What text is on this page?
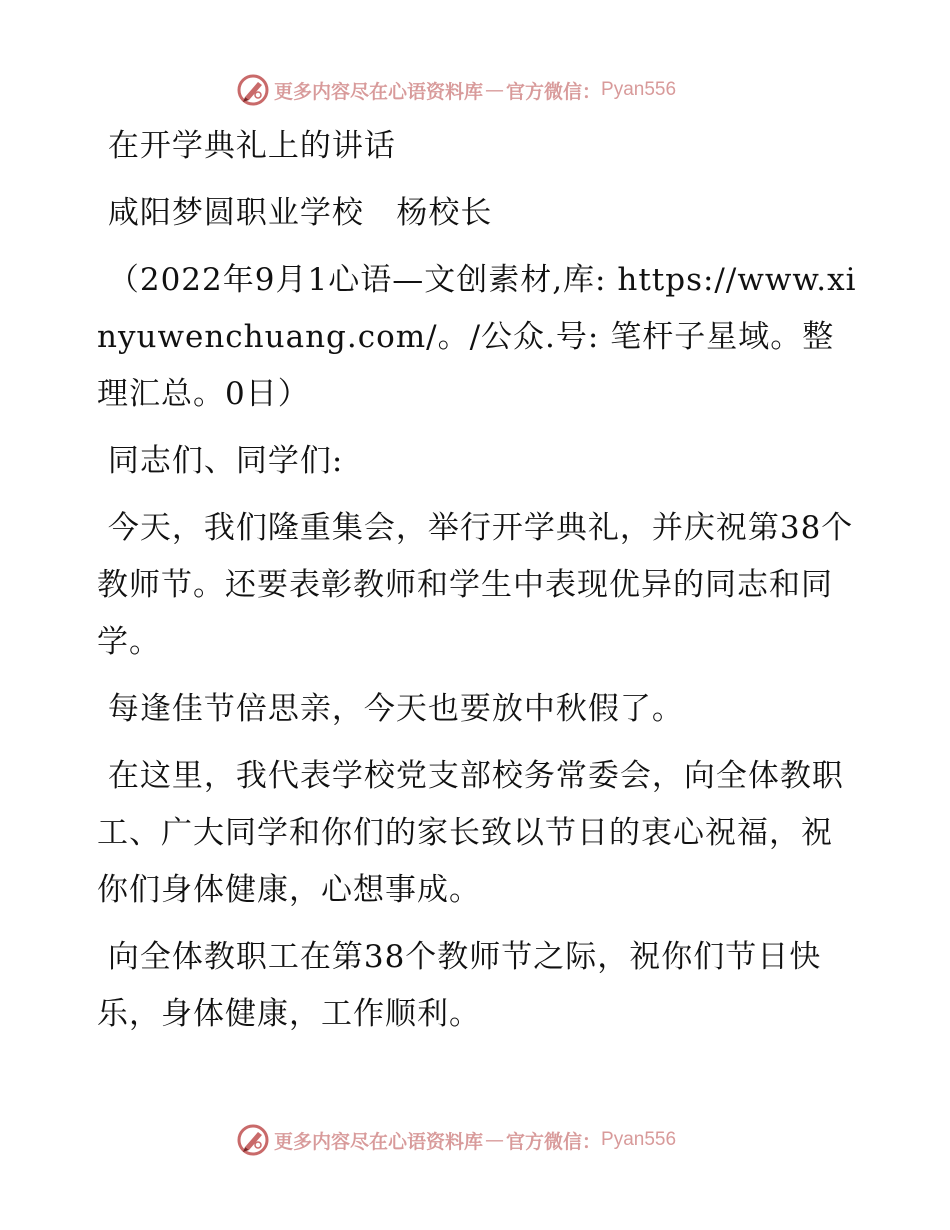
更多内容尽在心语资料库 — 官方微信： Pyan556

在开学典礼上的讲话

咸阳梦圆职业学校   杨校长

（2022年9月1心语—文创素材,库: https://www.xinyuwenchuang.com/。/公众.号: 笔杆子星域。整理汇总。0日）

同志们、同学们:

今天，我们隆重集会，举行开学典礼，并庆祝第38个教师节。还要表彰教师和学生中表现优异的同志和同学。

每逢佳节倍思亲，今天也要放中秋假了。

在这里，我代表学校党支部校务常委会，向全体教职工、广大同学和你们的家长致以节日的衷心祝福，祝你们身体健康，心想事成。

向全体教职工在第38个教师节之际，祝你们节日快乐，身体健康，工作顺利。

更多内容尽在心语资料库 — 官方微信： Pyan556
